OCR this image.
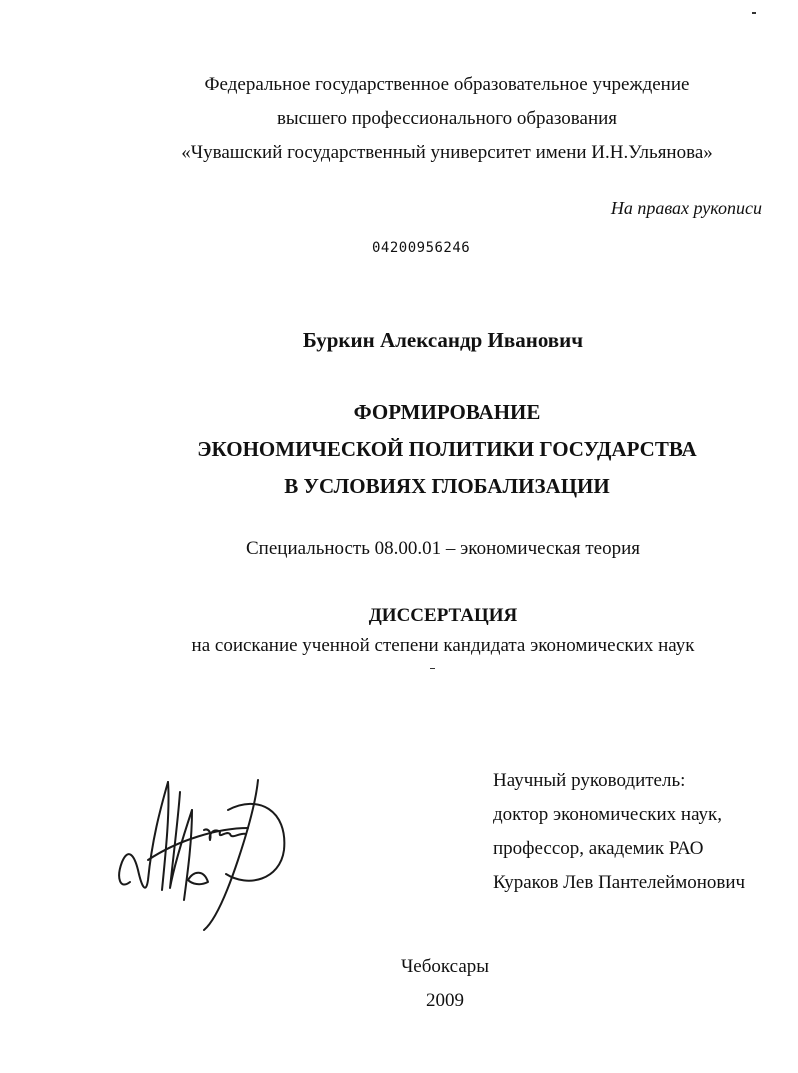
Федеральное государственное образовательное учреждение
высшего профессионального образования
«Чувашский государственный университет имени И.Н.Ульянова»
На правах рукописи
04200956246
Буркин Александр Иванович
ФОРМИРОВАНИЕ
ЭКОНОМИЧЕСКОЙ ПОЛИТИКИ ГОСУДАРСТВА
В УСЛОВИЯХ ГЛОБАЛИЗАЦИИ
Специальность 08.00.01 – экономическая теория
ДИССЕРТАЦИЯ
на соискание ученной степени кандидата экономических наук
Научный руководитель:
доктор экономических наук,
профессор, академик РАО
Кураков Лев Пантелеймонович
Чебоксары
2009
